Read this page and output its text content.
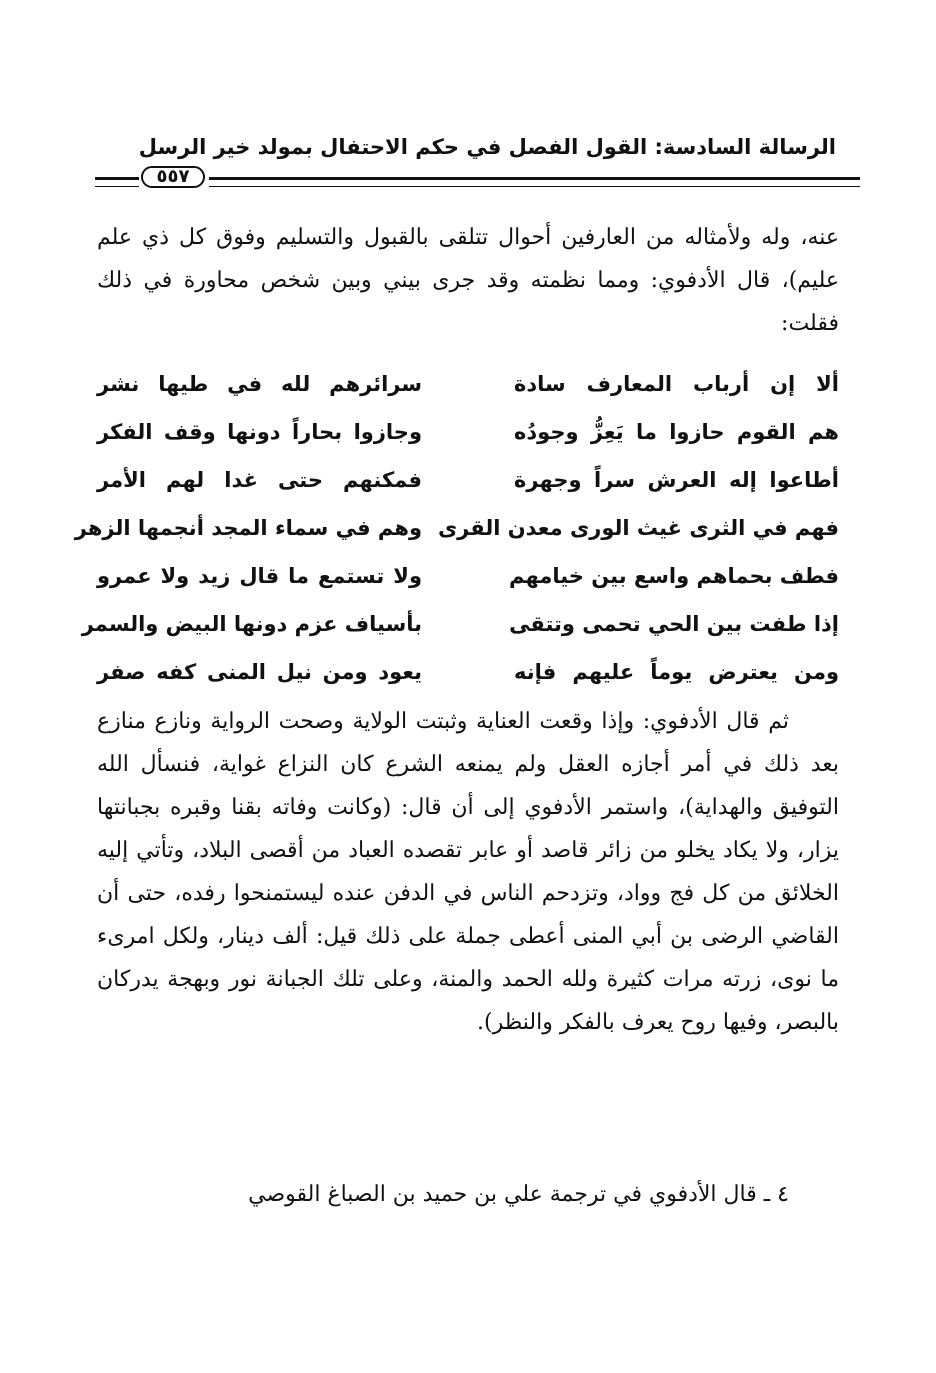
الرسالة السادسة: القول الفصل في حكم الاحتفال بمولد خير الرسل
٥٥٧

عنه، وله ولأمثاله من العارفين أحوال تتلقى بالقبول والتسليم وفوق كل ذي علم عليم)، قال الأدفوي: ومما نظمته وقد جرى بيني وبين شخص محاورة في ذلك فقلت:

ألا إن أرباب المعارف سادة
سرائرهم لله في طيها نشر
هم القوم حازوا ما يَعِزُّ وجودُه
وجازوا بحاراً دونها وقف الفكر
أطاعوا إله العرش سراً وجهرة
فمكنهم حتى غدا لهم الأمر
فهم في الثرى غيث الورى معدن القرى
وهم في سماء المجد أنجمها الزهر
فطف بحماهم واسع بين خيامهم
ولا تستمع ما قال زيد ولا عمرو
إذا طفت بين الحي تحمى وتتقى
بأسياف عزم دونها البيض والسمر
ومن يعترض يوماً عليهم فإنه
يعود ومن نيل المنى كفه صفر

ثم قال الأدفوي: وإذا وقعت العناية وثبتت الولاية وصحت الرواية ونازع منازع بعد ذلك في أمر أجازه العقل ولم يمنعه الشرع كان النزاع غواية، فنسأل الله التوفيق والهداية)، واستمر الأدفوي إلى أن قال: (وكانت وفاته بقنا وقبره بجبانتها يزار، ولا يكاد يخلو من زائر قاصد أو عابر تقصده العباد من أقصى البلاد، وتأتي إليه الخلائق من كل فج وواد، وتزدحم الناس في الدفن عنده ليستمنحوا رفده، حتى أن القاضي الرضى بن أبي المنى أعطى جملة على ذلك قيل: ألف دينار، ولكل امرىء ما نوى، زرته مرات كثيرة ولله الحمد والمنة، وعلى تلك الجبانة نور وبهجة يدركان بالبصر، وفيها روح يعرف بالفكر والنظر).

٤ ـ قال الأدفوي في ترجمة علي بن حميد بن الصباغ القوصي
